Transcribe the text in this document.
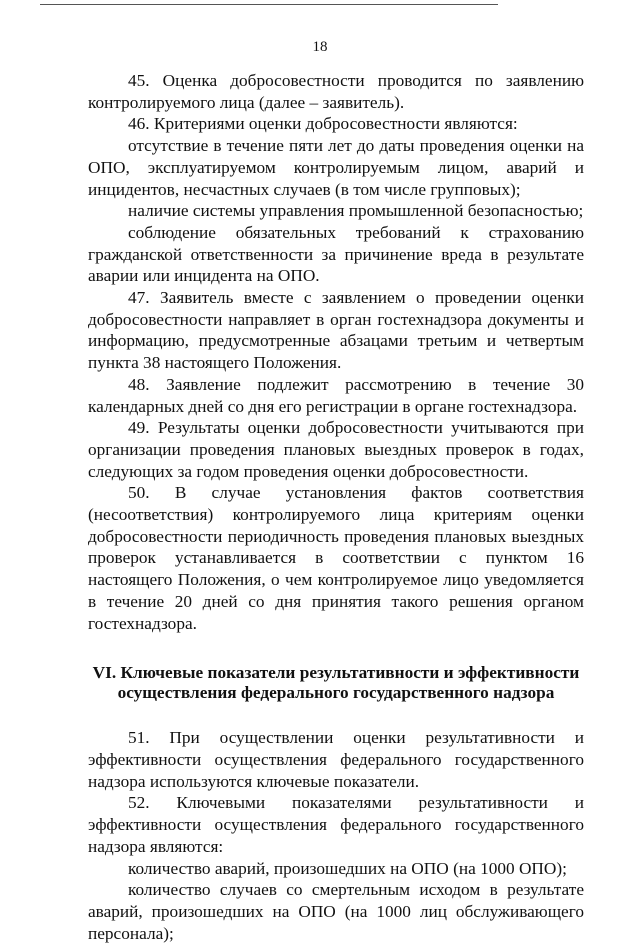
18

45. Оценка добросовестности проводится по заявлению контролируемого лица (далее – заявитель).

46. Критериями оценки добросовестности являются:

отсутствие в течение пяти лет до даты проведения оценки на ОПО, эксплуатируемом контролируемым лицом, аварий и инцидентов, несчастных случаев (в том числе групповых);

наличие системы управления промышленной безопасностью;

соблюдение обязательных требований к страхованию гражданской ответственности за причинение вреда в результате аварии или инцидента на ОПО.

47. Заявитель вместе с заявлением о проведении оценки добросовестности направляет в орган гостехнадзора документы и информацию, предусмотренные абзацами третьим и четвертым пункта 38 настоящего Положения.

48. Заявление подлежит рассмотрению в течение 30 календарных дней со дня его регистрации в органе гостехнадзора.

49. Результаты оценки добросовестности учитываются при организации проведения плановых выездных проверок в годах, следующих за годом проведения оценки добросовестности.

50. В случае установления фактов соответствия (несоответствия) контролируемого лица критериям оценки добросовестности периодичность проведения плановых выездных проверок устанавливается в соответствии с пунктом 16 настоящего Положения, о чем контролируемое лицо уведомляется в течение 20 дней со дня принятия такого решения органом гостехнадзора.

VI. Ключевые показатели результативности и эффективности
осуществления федерального государственного надзора

51. При осуществлении оценки результативности и эффективности осуществления федерального государственного надзора используются ключевые показатели.

52. Ключевыми показателями результативности и эффективности осуществления федерального государственного надзора являются:

количество аварий, произошедших на ОПО (на 1000 ОПО);

количество случаев со смертельным исходом в результате аварий, произошедших на ОПО (на 1000 лиц обслуживающего персонала);
